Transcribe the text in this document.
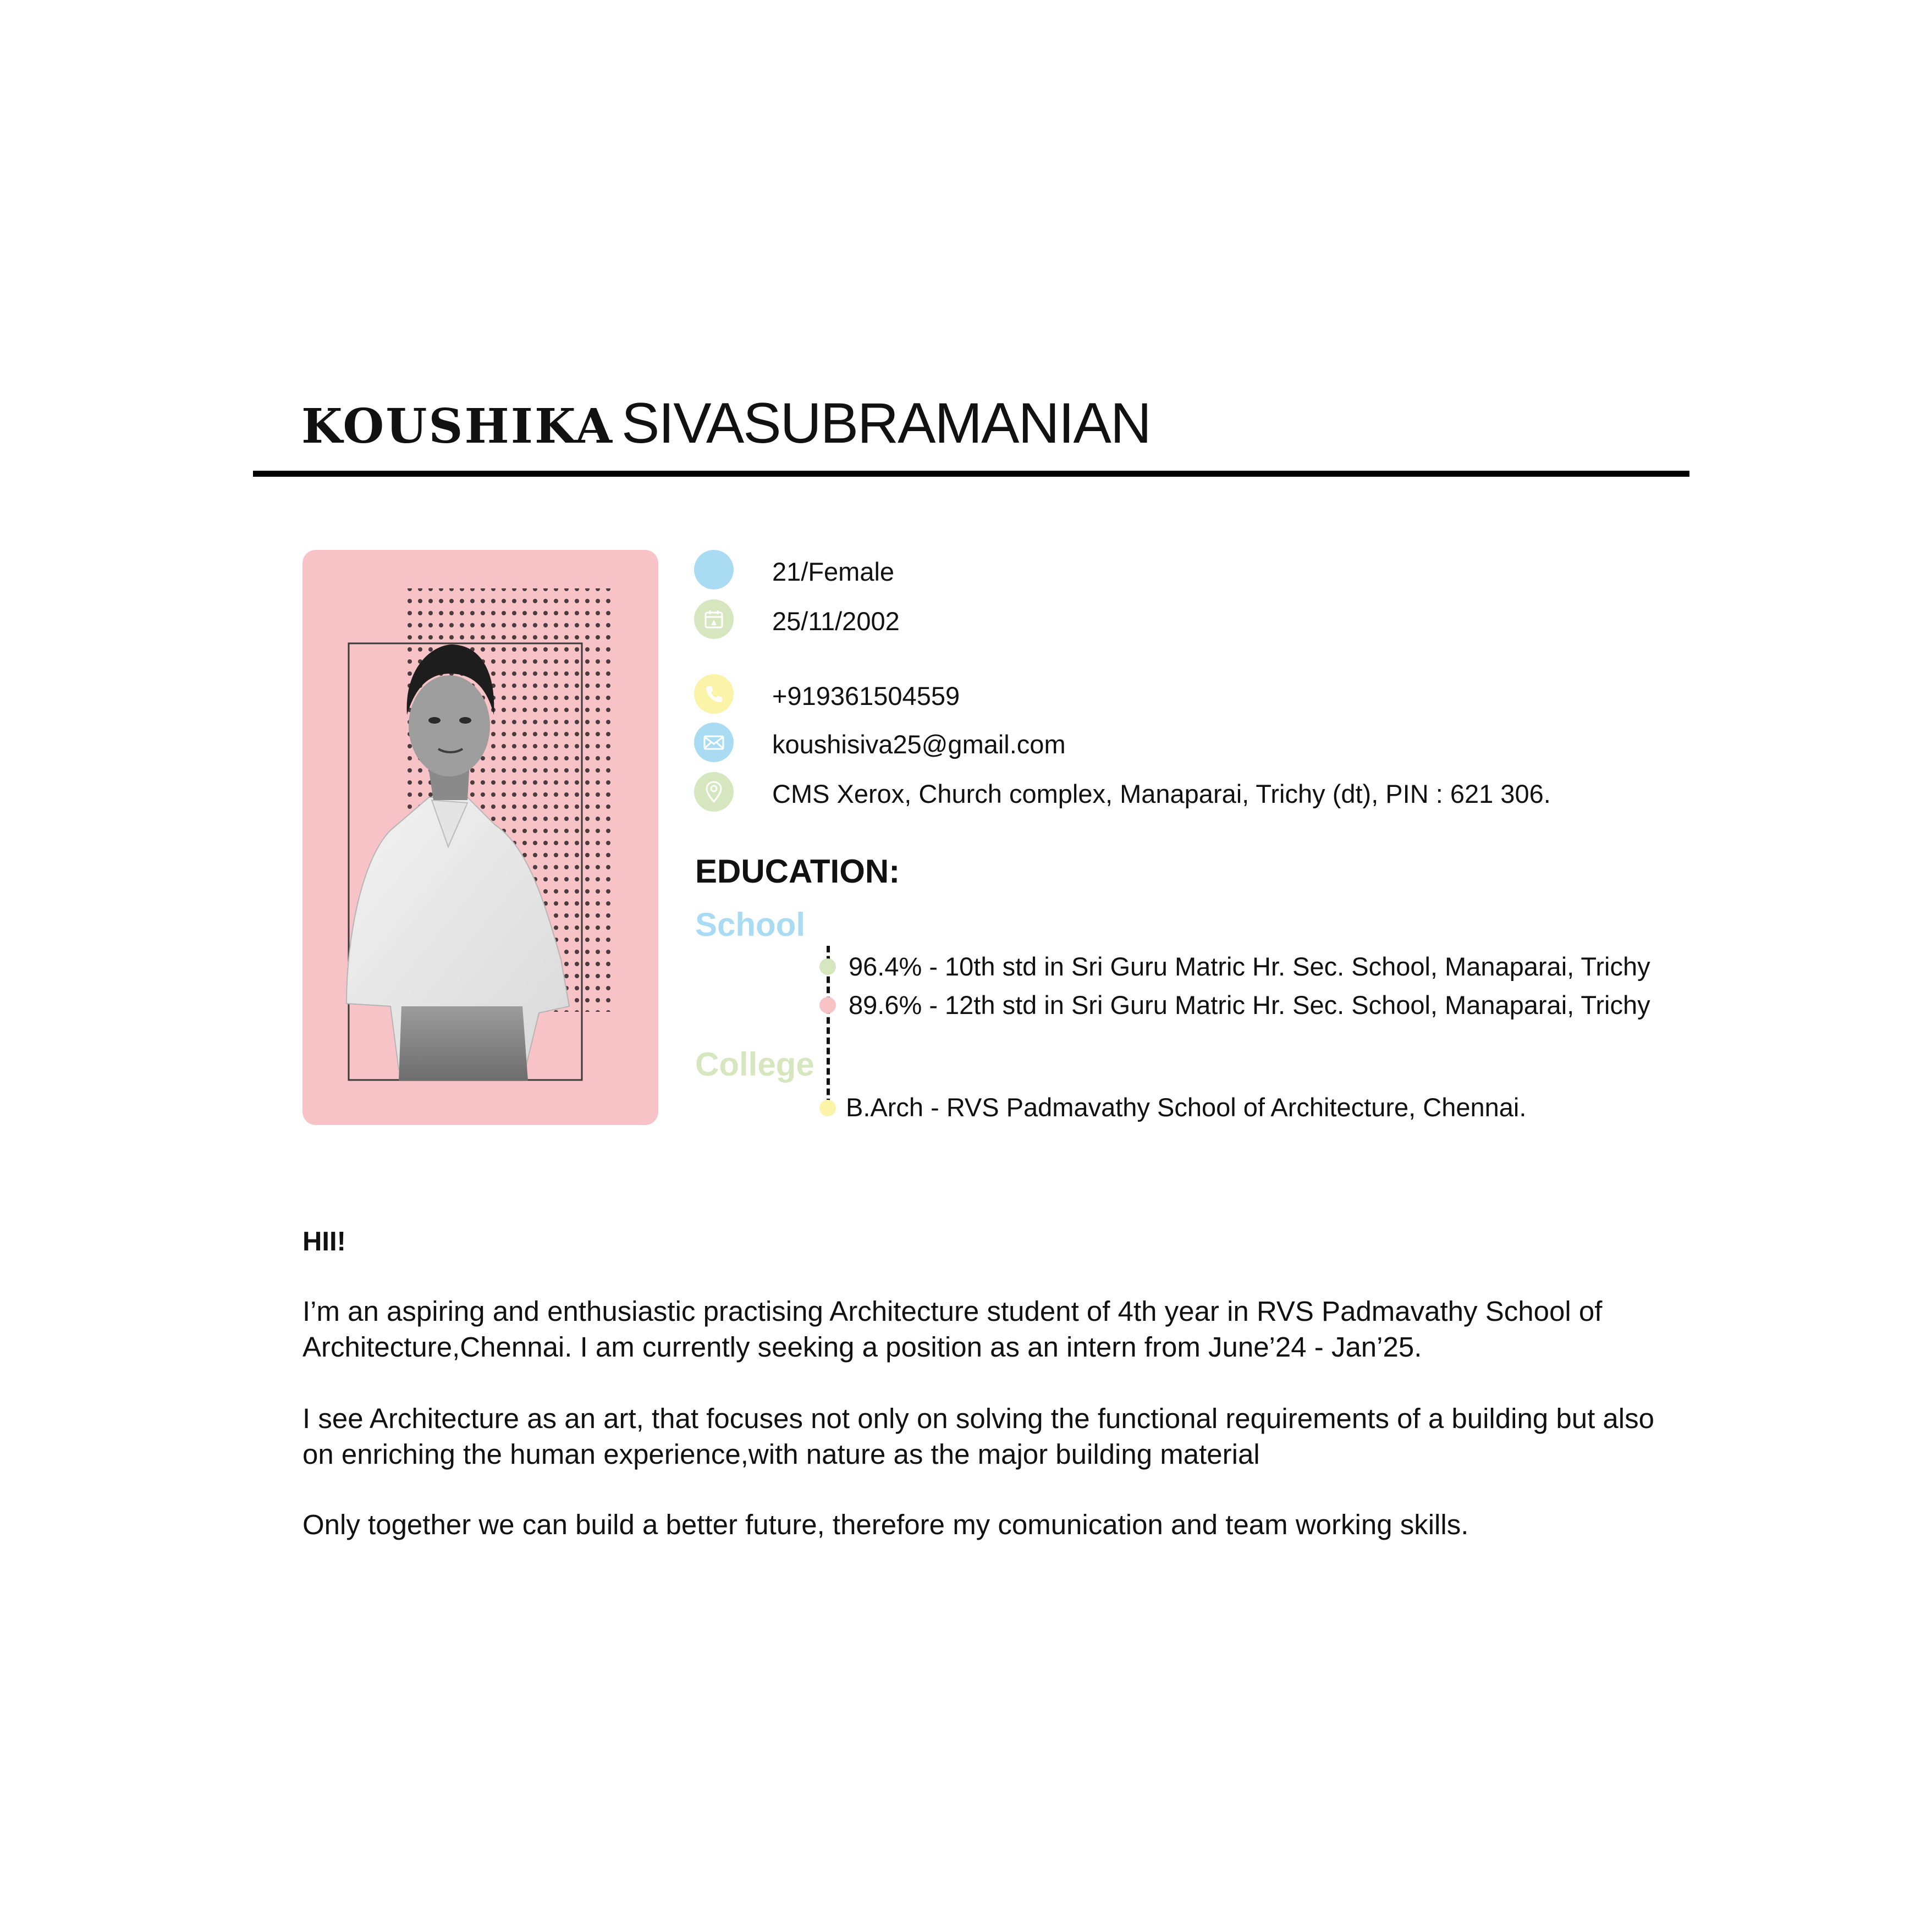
KOUSHIKA SIVASUBRAMANIAN
21/Female
25/11/2002
+919361504559
koushisiva25@gmail.com
CMS Xerox, Church complex, Manaparai, Trichy (dt), PIN : 621 306.
EDUCATION:
School
College
96.4% - 10th std in Sri Guru Matric Hr. Sec. School, Manaparai, Trichy
89.6% - 12th std in Sri Guru Matric Hr. Sec. School, Manaparai, Trichy
B.Arch - RVS Padmavathy School of Architecture, Chennai.
HII!
I’m an aspiring and enthusiastic practising Architecture student of 4th year in RVS Padmavathy School of Architecture,Chennai. I am currently seeking a position as an intern from June’24 - Jan’25.
I see Architecture as an art, that focuses not only on solving the functional requirements of a building but also on enriching the human experience,with nature as the major building material
Only together we can build a better future, therefore my comunication and team working skills.
